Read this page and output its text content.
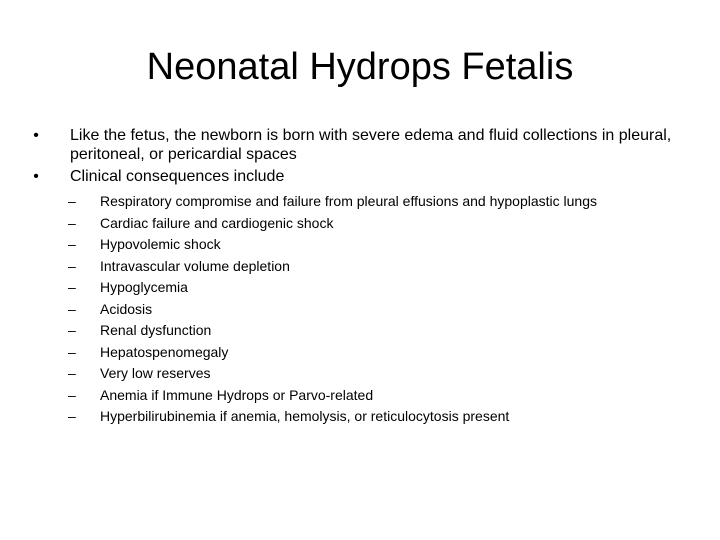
Neonatal Hydrops Fetalis
• Like the fetus, the newborn is born with severe edema and fluid collections in pleural, peritoneal, or pericardial spaces
• Clinical consequences include
–	Respiratory compromise and failure from pleural effusions and hypoplastic lungs
–	Cardiac failure and cardiogenic shock
–	Hypovolemic shock
–	Intravascular volume depletion
–	Hypoglycemia
–	Acidosis
–	Renal dysfunction
–	Hepatospenomegaly
–	Very low reserves
–	Anemia if Immune Hydrops or Parvo-related
–	Hyperbilirubinemia if anemia, hemolysis, or reticulocytosis present
